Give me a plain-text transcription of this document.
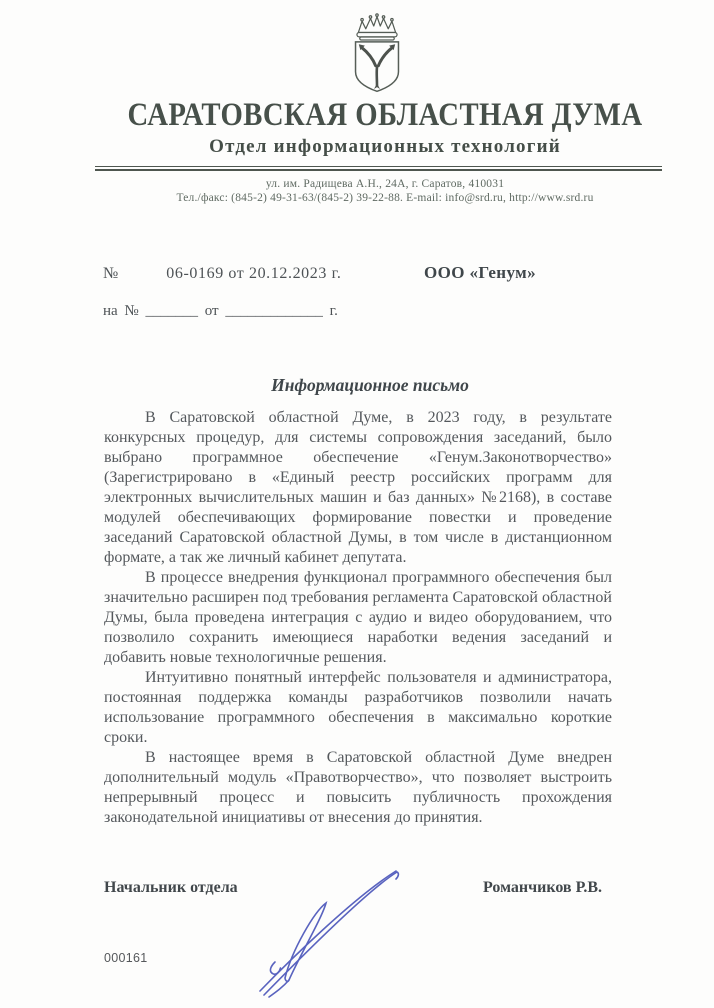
САРАТОВСКАЯ ОБЛАСТНАЯ ДУМА
Отдел информационных технологий
ул. им. Радищева А.Н., 24А, г. Саратов, 410031
Тел./факс: (845-2) 49-31-63/(845-2) 39-22-88. E-mail: info@srd.ru, http://www.srd.ru
№	06-0169 от 20.12.2023 г.	ООО «Генум»
на № _______ от _____________ г.
Информационное письмо

В Саратовской областной Думе, в 2023 году, в результате конкурсных процедур, для системы сопровождения заседаний, было выбрано программное обеспечение «Генум.Законотворчество» (Зарегистрировано в «Единый реестр российских программ для электронных вычислительных машин и баз данных» №2168), в составе модулей обеспечивающих формирование повестки и проведение заседаний Саратовской областной Думы, в том числе в дистанционном формате, а так же личный кабинет депутата.

В процессе внедрения функционал программного обеспечения был значительно расширен под требования регламента Саратовской областной Думы, была проведена интеграция с аудио и видео оборудованием, что позволило сохранить имеющиеся наработки ведения заседаний и добавить новые технологичные решения.

Интуитивно понятный интерфейс пользователя и администратора, постоянная поддержка команды разработчиков позволили начать использование программного обеспечения в максимально короткие сроки.

В настоящее время в Саратовской областной Думе внедрен дополнительный модуль «Правотворчество», что позволяет выстроить непрерывный процесс и повысить публичность прохождения законодательной инициативы от внесения до принятия.

Начальник отдела	Романчиков Р.В.
000161
